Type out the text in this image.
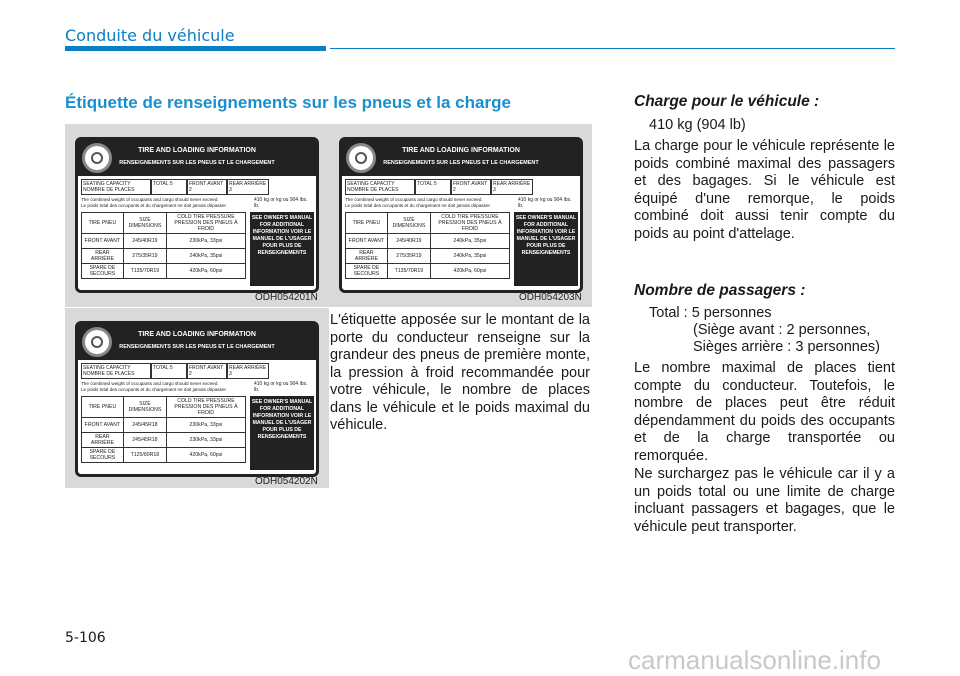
Conduite du véhicule
Étiquette de renseignements sur les pneus et la charge
TIRE AND LOADING INFORMATION
RENSEIGNEMENTS SUR LES PNEUS ET LE CHARGEMENT
SEATING CAPACITY
NOMBRE DE PLACES
TOTAL 5	FRONT AVANT 2
REAR ARRIÈRE 3
The combined weight of occupants and cargo should never exceed
Le poids total des occupants et du chargement ne doit jamais dépasser
410 kg or kg ou 904 lbs. lb.
TIRE PNEU	SIZE DIMENSIONS	COLD TIRE PRESSURE PRESSION DES PNEUS À FROID
FRONT AVANT	245/40R19	230kPa, 33psi
REAR ARRIÈRE	275/35R19	240kPa, 35psi
SPARE DE SECOURS	T135/70R19	420kPa, 60psi
SEE OWNER'S MANUAL FOR ADDITIONAL INFORMATION VOIR LE MANUEL DE L'USAGER POUR PLUS DE RENSEIGNEMENTS
ODH054201N
TIRE AND LOADING INFORMATION
RENSEIGNEMENTS SUR LES PNEUS ET LE CHARGEMENT
SEATING CAPACITY
NOMBRE DE PLACES
TOTAL 5	FRONT AVANT 2
REAR ARRIÈRE 3
The combined weight of occupants and cargo should never exceed
Le poids total des occupants et du chargement ne doit jamais dépasser
410 kg or kg ou 904 lbs. lb.
TIRE PNEU	SIZE DIMENSIONS	COLD TIRE PRESSURE PRESSION DES PNEUS À FROID
FRONT AVANT	245/40R19	240kPa, 35psi
REAR ARRIÈRE	275/35R19	240kPa, 35psi
SPARE DE SECOURS	T135/70R19	420kPa, 60psi
SEE OWNER'S MANUAL FOR ADDITIONAL INFORMATION VOIR LE MANUEL DE L'USAGER POUR PLUS DE RENSEIGNEMENTS
ODH054203N
TIRE AND LOADING INFORMATION
RENSEIGNEMENTS SUR LES PNEUS ET LE CHARGEMENT
SEATING CAPACITY
NOMBRE DE PLACES
TOTAL 5	FRONT AVANT 2
REAR ARRIÈRE 3
The combined weight of occupants and cargo should never exceed
Le poids total des occupants et du chargement ne doit jamais dépasser
410 kg or kg ou 904 lbs. lb.
TIRE PNEU	SIZE DIMENSIONS	COLD TIRE PRESSURE PRESSION DES PNEUS À FROID
FRONT AVANT	245/45R18	230kPa, 33psi
REAR ARRIÈRE	245/45R18	230kPa, 33psi
SPARE DE SECOURS	T125/80R18	420kPa, 60psi
SEE OWNER'S MANUAL FOR ADDITIONAL INFORMATION VOIR LE MANUEL DE L'USAGER POUR PLUS DE RENSEIGNEMENTS
ODH054202N
L'étiquette apposée sur le montant de la porte du conducteur renseigne sur la grandeur des pneus de première monte, la pression à froid recommandée pour votre véhicule, le nombre de places dans le véhicule et le poids maximal du véhicule.
Charge pour le véhicule :
410 kg (904 lb)
La charge pour le véhicule représente le poids combiné maximal des passagers et des bagages. Si le véhicule est équipé d'une remorque, le poids combiné doit aussi tenir compte du poids au point d'attelage.
Nombre de passagers :
Total : 5 personnes
(Siège avant : 2 personnes,
Sièges arrière : 3 personnes)
Le nombre maximal de places tient compte du conducteur. Toutefois, le nombre de places peut être réduit dépendamment du poids des occupants et de la charge transportée ou remorquée.
Ne surchargez pas le véhicule car il y a un poids total ou une limite de charge incluant passagers et bagages, que le véhicule peut transporter.
5-106
carmanualsonline.info
